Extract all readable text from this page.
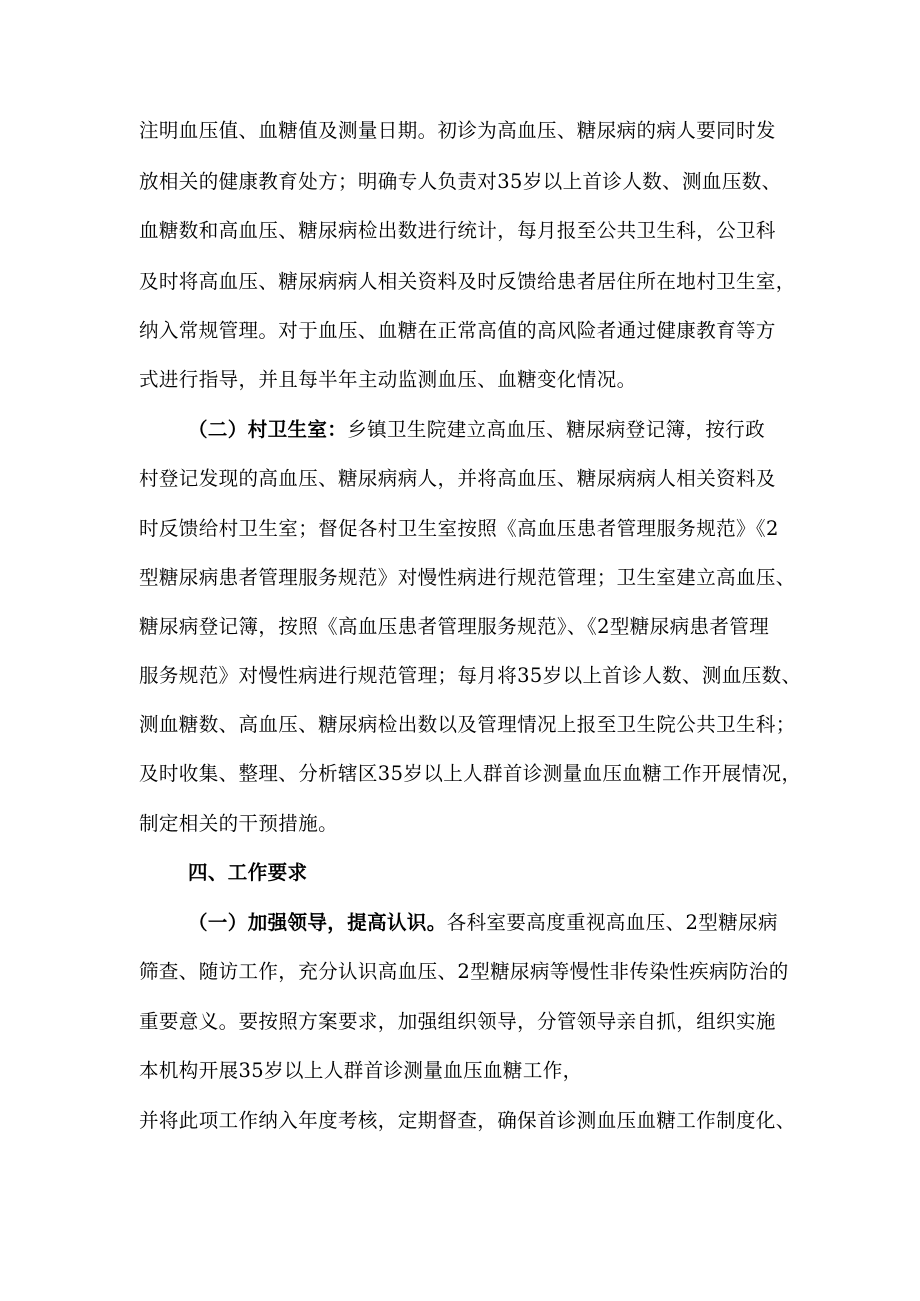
注明血压值、血糖值及测量日期。初诊为高血压、糖尿病的病人要同时发
放相关的健康教育处方；明确专人负责对35岁以上首诊人数、测血压数、
血糖数和高血压、糖尿病检出数进行统计，每月报至公共卫生科，公卫科
及时将高血压、糖尿病病人相关资料及时反馈给患者居住所在地村卫生室，
纳入常规管理。对于血压、血糖在正常高值的高风险者通过健康教育等方
式进行指导，并且每半年主动监测血压、血糖变化情况。
（二）村卫生室：乡镇卫生院建立高血压、糖尿病登记簿，按行政
村登记发现的高血压、糖尿病病人，并将高血压、糖尿病病人相关资料及
时反馈给村卫生室；督促各村卫生室按照《高血压患者管理服务规范》《2
型糖尿病患者管理服务规范》对慢性病进行规范管理；卫生室建立高血压、
糖尿病登记簿，按照《高血压患者管理服务规范》、《2型糖尿病患者管理
服务规范》对慢性病进行规范管理；每月将35岁以上首诊人数、测血压数、
测血糖数、高血压、糖尿病检出数以及管理情况上报至卫生院公共卫生科；
及时收集、整理、分析辖区35岁以上人群首诊测量血压血糖工作开展情况，
制定相关的干预措施。
四、工作要求
（一）加强领导，提高认识。各科室要高度重视高血压、2型糖尿病
筛查、随访工作，充分认识高血压、2型糖尿病等慢性非传染性疾病防治的
重要意义。要按照方案要求，加强组织领导，分管领导亲自抓，组织实施
本机构开展35岁以上人群首诊测量血压血糖工作，
并将此项工作纳入年度考核，定期督查，确保首诊测血压血糖工作制度化、
